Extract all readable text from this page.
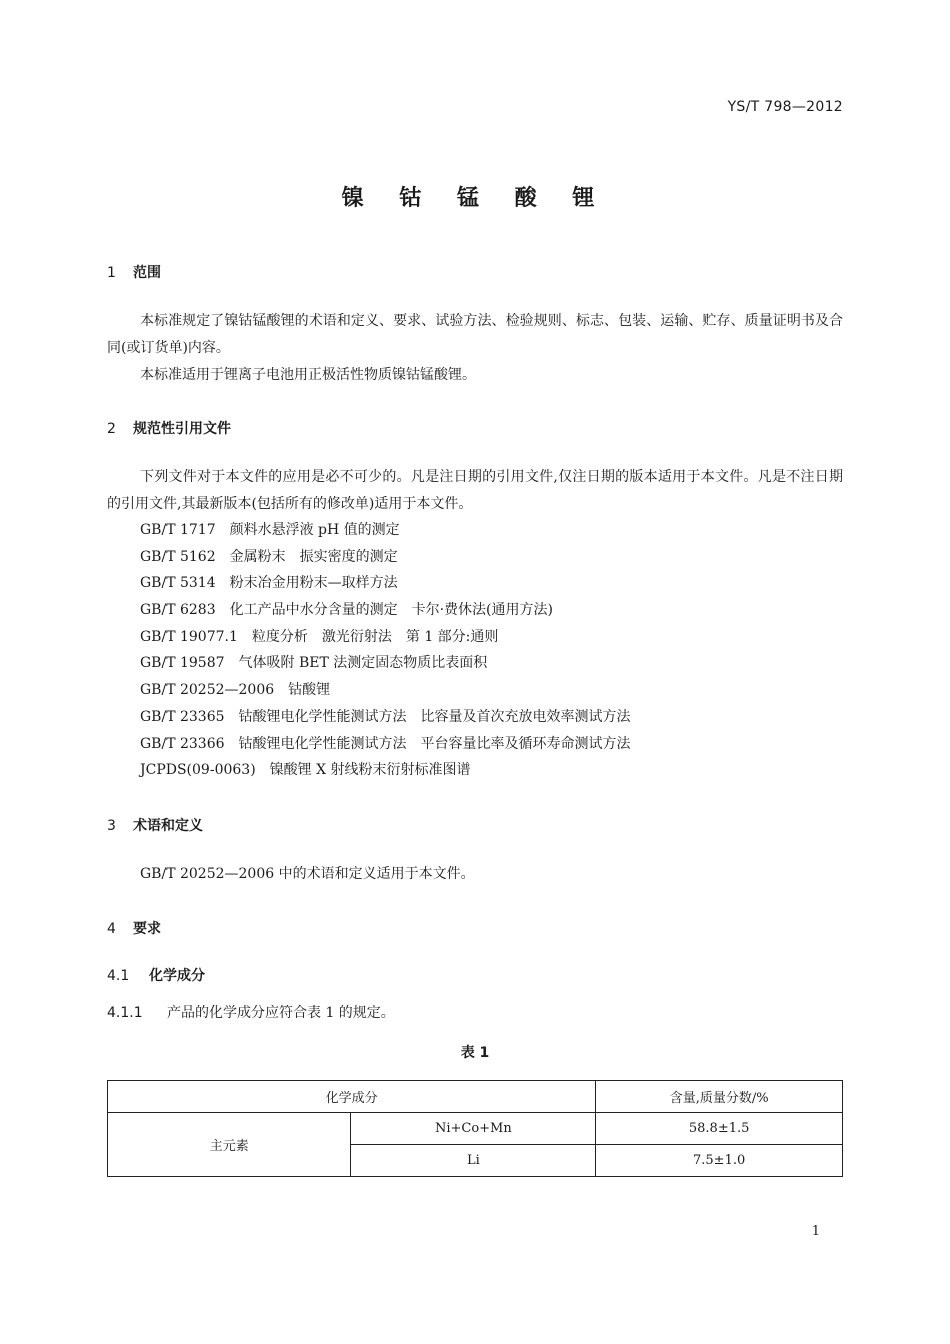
YS/T 798—2012
镍 钴 锰 酸 锂
1 范围
本标准规定了镍钴锰酸锂的术语和定义、要求、试验方法、检验规则、标志、包装、运输、贮存、质量证明书及合同(或订货单)内容。
本标准适用于锂离子电池用正极活性物质镍钴锰酸锂。
2 规范性引用文件
下列文件对于本文件的应用是必不可少的。凡是注日期的引用文件,仅注日期的版本适用于本文件。凡是不注日期的引用文件,其最新版本(包括所有的修改单)适用于本文件。
GB/T 1717 颜料水悬浮液 pH 值的测定
GB/T 5162 金属粉末　振实密度的测定
GB/T 5314 粉末冶金用粉末—取样方法
GB/T 6283 化工产品中水分含量的测定　卡尔·费休法(通用方法)
GB/T 19077.1 粒度分析　激光衍射法　第 1 部分:通则
GB/T 19587 气体吸附 BET 法测定固态物质比表面积
GB/T 20252—2006 钴酸锂
GB/T 23365 钴酸锂电化学性能测试方法　比容量及首次充放电效率测试方法
GB/T 23366 钴酸锂电化学性能测试方法　平台容量比率及循环寿命测试方法
JCPDS(09-0063) 镍酸锂 X 射线粉末衍射标准图谱
3 术语和定义
GB/T 20252—2006 中的术语和定义适用于本文件。
4 要求
4.1 化学成分
4.1.1 产品的化学成分应符合表 1 的规定。
表 1
化学成分		含量,质量分数/%
主元素	Ni+Co+Mn	58.8±1.5
	Li	7.5±1.0
1
